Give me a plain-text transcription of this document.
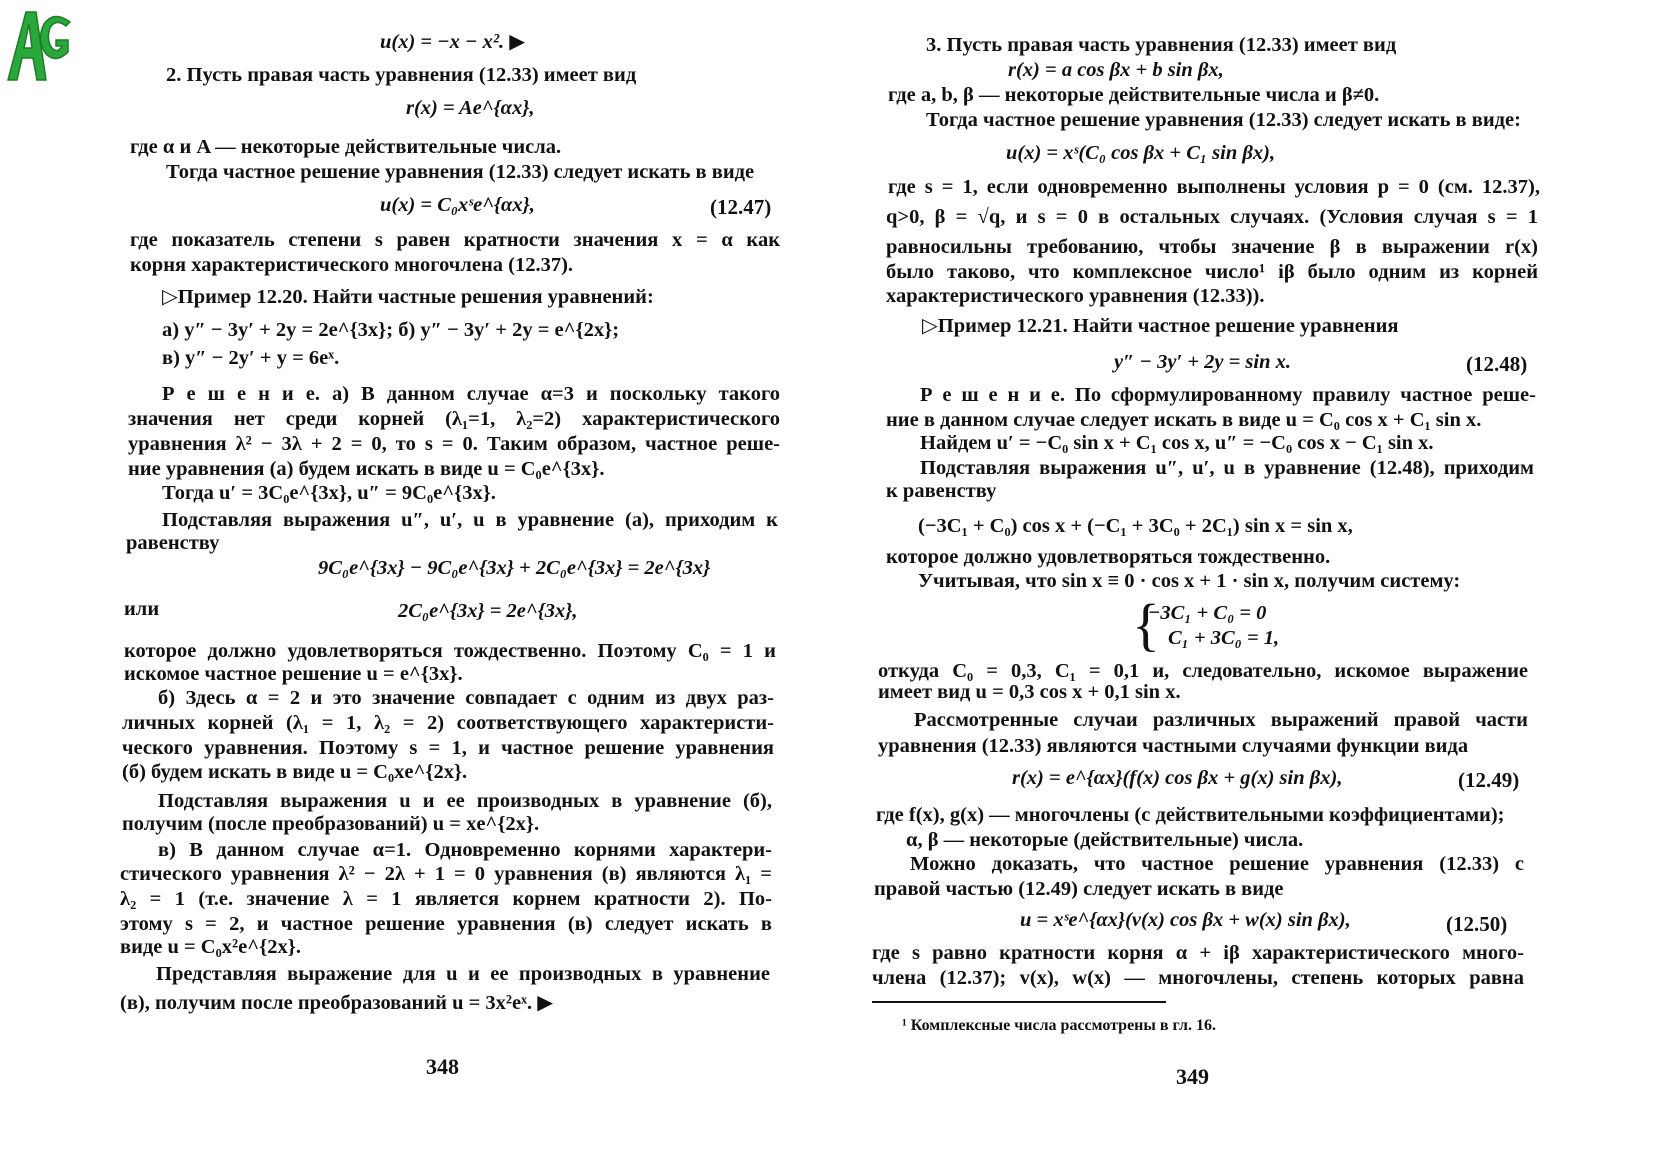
u(x) = −x − x². ▶
2. Пусть правая часть уравнения (12.33) имеет вид
r(x) = Ae^{αx},
где α и A — некоторые действительные числа.
Тогда частное решение уравнения (12.33) следует искать в виде
u(x) = C₀xˢe^{αx},	(12.47)
где показатель степени s равен кратности значения x = α как
корня характеристического многочлена (12.37).
▷Пример 12.20. Найти частные решения уравнений:
а) y″ − 3y′ + 2y = 2e^{3x}; б) y″ − 3y′ + 2y = e^{2x};
в) y″ − 2y′ + y = 6eˣ.
Р е ш е н и е. а) В данном случае α=3 и поскольку такого
значения нет среди корней (λ₁=1, λ₂=2) характеристического
уравнения λ² − 3λ + 2 = 0, то s = 0. Таким образом, частное реше-
ние уравнения (а) будем искать в виде u = C₀e^{3x}.
Тогда u′ = 3C₀e^{3x}, u″ = 9C₀e^{3x}.
Подставляя выражения u″, u′, u в уравнение (а), приходим к
равенству
9C₀e^{3x} − 9C₀e^{3x} + 2C₀e^{3x} = 2e^{3x}
или	2C₀e^{3x} = 2e^{3x},
которое должно удовлетворяться тождественно. Поэтому C₀ = 1 и
искомое частное решение u = e^{3x}.
б) Здесь α = 2 и это значение совпадает с одним из двух раз-
личных корней (λ₁ = 1, λ₂ = 2) соответствующего характеристи-
ческого уравнения. Поэтому s = 1, и частное решение уравнения
(б) будем искать в виде u = C₀xe^{2x}.
Подставляя выражения u и ее производных в уравнение (б),
получим (после преобразований) u = xe^{2x}.
в) В данном случае α=1. Одновременно корнями характери-
стического уравнения λ² − 2λ + 1 = 0 уравнения (в) являются λ₁ =
λ₂ = 1 (т.е. значение λ = 1 является корнем кратности 2). По-
этому s = 2, и частное решение уравнения (в) следует искать в
виде u = C₀x²e^{2x}.
Представляя выражение для u и ее производных в уравнение
(в), получим после преобразований u = 3x²eˣ. ▶
348
3. Пусть правая часть уравнения (12.33) имеет вид
r(x) = a cos βx + b sin βx,
где a, b, β — некоторые действительные числа и β≠0.
Тогда частное решение уравнения (12.33) следует искать в виде:
u(x) = xˢ(C₀ cos βx + C₁ sin βx),
где s = 1, если одновременно выполнены условия p = 0 (см. 12.37),
q>0, β = √q, и s = 0 в остальных случаях. (Условия случая s = 1
равносильны требованию, чтобы значение β в выражении r(x)
было таково, что комплексное число¹ iβ было одним из корней
характеристического уравнения (12.33)).
▷Пример 12.21. Найти частное решение уравнения
y″ − 3y′ + 2y = sin x.	(12.48)
Р е ш е н и е. По сформулированному правилу частное реше-
ние в данном случае следует искать в виде u = C₀ cos x + C₁ sin x.
Найдем u′ = −C₀ sin x + C₁ cos x, u″ = −C₀ cos x − C₁ sin x.
Подставляя выражения u″, u′, u в уравнение (12.48), приходим
к равенству
(−3C₁ + C₀) cos x + (−C₁ + 3C₀ + 2C₁) sin x = sin x,
которое должно удовлетворяться тождественно.
Учитывая, что sin x ≡ 0 · cos x + 1 · sin x, получим систему:
{
−3C₁ + C₀ = 0
C₁ + 3C₀ = 1,
откуда C₀ = 0,3, C₁ = 0,1 и, следовательно, искомое выражение
имеет вид u = 0,3 cos x + 0,1 sin x.
Рассмотренные случаи различных выражений правой части
уравнения (12.33) являются частными случаями функции вида
r(x) = e^{αx}(f(x) cos βx + g(x) sin βx),	(12.49)
где f(x), g(x) — многочлены (с действительными коэффициентами);
α, β — некоторые (действительные) числа.
Можно доказать, что частное решение уравнения (12.33) с
правой частью (12.49) следует искать в виде
u = xˢe^{αx}(v(x) cos βx + w(x) sin βx),	(12.50)
где s равно кратности корня α + iβ характеристического много-
члена (12.37); v(x), w(x) — многочлены, степень которых равна
¹ Комплексные числа рассмотрены в гл. 16.
349
